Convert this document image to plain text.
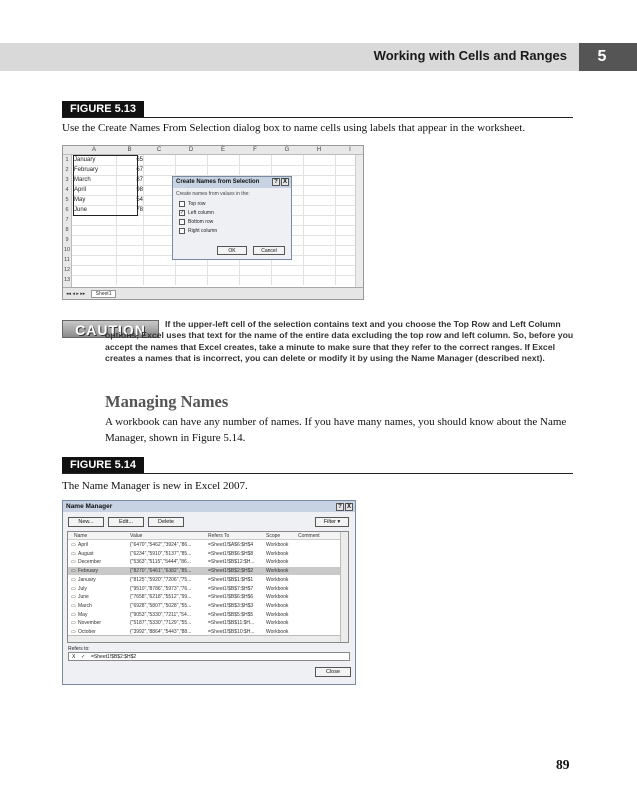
Working with Cells and Ranges 5
FIGURE 5.13
Use the Create Names From Selection dialog box to name cells using labels that appear in the worksheet.
A	B	C	D	E	F	G	H	I
1
2
3
4
5
6
7
8
9
10
11
12
13
January	65
February	67
March	87
April	98
May	54
June	78
Create Names from Selection	? X
Create names from values in the:
Top row
✓ Left column
Bottom row
Right column
OK	Cancel
◂◂ ◂ ▸ ▸▸ Sheet1
CAUTION	If the upper-left cell of the selection contains text and you choose the Top Row and Left Column options, Excel uses that text for the name of the entire data excluding the top row and left column. So, before you accept the names that Excel creates, take a minute to make sure that they refer to the correct ranges. If Excel creates a names that is incorrect, you can delete or modify it by using the Name Manager (described next).
Managing Names
A workbook can have any number of names. If you have many names, you should know about the Name Manager, shown in Figure 5.14.
FIGURE 5.14
The Name Manager is new in Excel 2007.
Name Manager	? X
New...	Edit...	Delete	Filter ▾
Name	Value	Refers To	Scope	Comment
▭ April	{"6470","5462","3924","86...	=Sheet1!$A$6:$H$4	Workbook
▭ August	{"6234","5910","5137","85...	=Sheet1!$B$6:$H$8	Workbook
▭ December	{"5363","5115","5444","86...	=Sheet1!$B$12:$H... Workbook
▭ February	{"8270","6461","6382","85...	=Sheet1!$B$2:$H$2	Workbook
▭ January	{"8125","5920","7206","75...	=Sheet1!$B$1:$H$1	Workbook
▭ July	{"9510","8786","5973","76...	=Sheet1!$B$7:$H$7	Workbook
▭ June	{"7658","6218","5512","99...	=Sheet1!$B$6:$H$6	Workbook
▭ March	{"6928","5807","5028","55...	=Sheet1!$B$3:$H$3	Workbook
▭ May	{"9053","5330","7211","54...	=Sheet1!$B$5:$H$5	Workbook
▭ November	{"5187","5330","7129","55...	=Sheet1!$B$11:$H... Workbook
▭ October	{"3992","8864","5443","88...	=Sheet1!$B$10:$H... Workbook
Refers to:
X ✓ =Sheet1!$B$2:$H$2
Close
89
